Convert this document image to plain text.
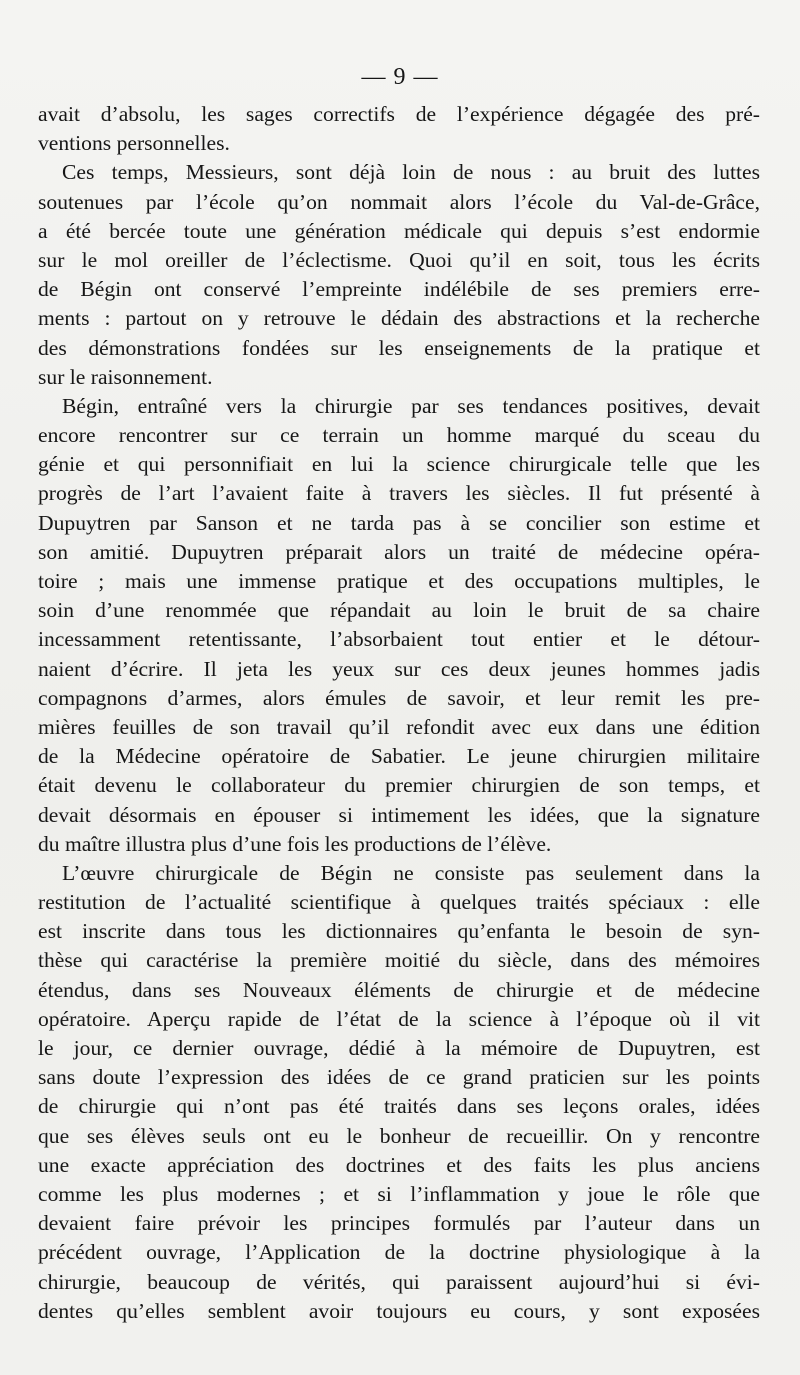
— 9 —
avait d’absolu, les sages correctifs de l’expérience dégagée des pré-
ventions personnelles.
Ces temps, Messieurs, sont déjà loin de nous : au bruit des luttes
soutenues par l’école qu’on nommait alors l’école du Val-de-Grâce,
a été bercée toute une génération médicale qui depuis s’est endormie
sur le mol oreiller de l’éclectisme. Quoi qu’il en soit, tous les écrits
de Bégin ont conservé l’empreinte indélébile de ses premiers erre-
ments : partout on y retrouve le dédain des abstractions et la recherche
des démonstrations fondées sur les enseignements de la pratique et
sur le raisonnement.
Bégin, entraîné vers la chirurgie par ses tendances positives, devait
encore rencontrer sur ce terrain un homme marqué du sceau du
génie et qui personnifiait en lui la science chirurgicale telle que les
progrès de l’art l’avaient faite à travers les siècles. Il fut présenté à
Dupuytren par Sanson et ne tarda pas à se concilier son estime et
son amitié. Dupuytren préparait alors un traité de médecine opéra-
toire ; mais une immense pratique et des occupations multiples, le
soin d’une renommée que répandait au loin le bruit de sa chaire
incessamment retentissante, l’absorbaient tout entier et le détour-
naient d’écrire. Il jeta les yeux sur ces deux jeunes hommes jadis
compagnons d’armes, alors émules de savoir, et leur remit les pre-
mières feuilles de son travail qu’il refondit avec eux dans une édition
de la Médecine opératoire de Sabatier. Le jeune chirurgien militaire
était devenu le collaborateur du premier chirurgien de son temps, et
devait désormais en épouser si intimement les idées, que la signature
du maître illustra plus d’une fois les productions de l’élève.
L’œuvre chirurgicale de Bégin ne consiste pas seulement dans la
restitution de l’actualité scientifique à quelques traités spéciaux : elle
est inscrite dans tous les dictionnaires qu’enfanta le besoin de syn-
thèse qui caractérise la première moitié du siècle, dans des mémoires
étendus, dans ses Nouveaux éléments de chirurgie et de médecine
opératoire. Aperçu rapide de l’état de la science à l’époque où il vit
le jour, ce dernier ouvrage, dédié à la mémoire de Dupuytren, est
sans doute l’expression des idées de ce grand praticien sur les points
de chirurgie qui n’ont pas été traités dans ses leçons orales, idées
que ses élèves seuls ont eu le bonheur de recueillir. On y rencontre
une exacte appréciation des doctrines et des faits les plus anciens
comme les plus modernes ; et si l’inflammation y joue le rôle que
devaient faire prévoir les principes formulés par l’auteur dans un
précédent ouvrage, l’Application de la doctrine physiologique à la
chirurgie, beaucoup de vérités, qui paraissent aujourd’hui si évi-
dentes qu’elles semblent avoir toujours eu cours, y sont exposées
